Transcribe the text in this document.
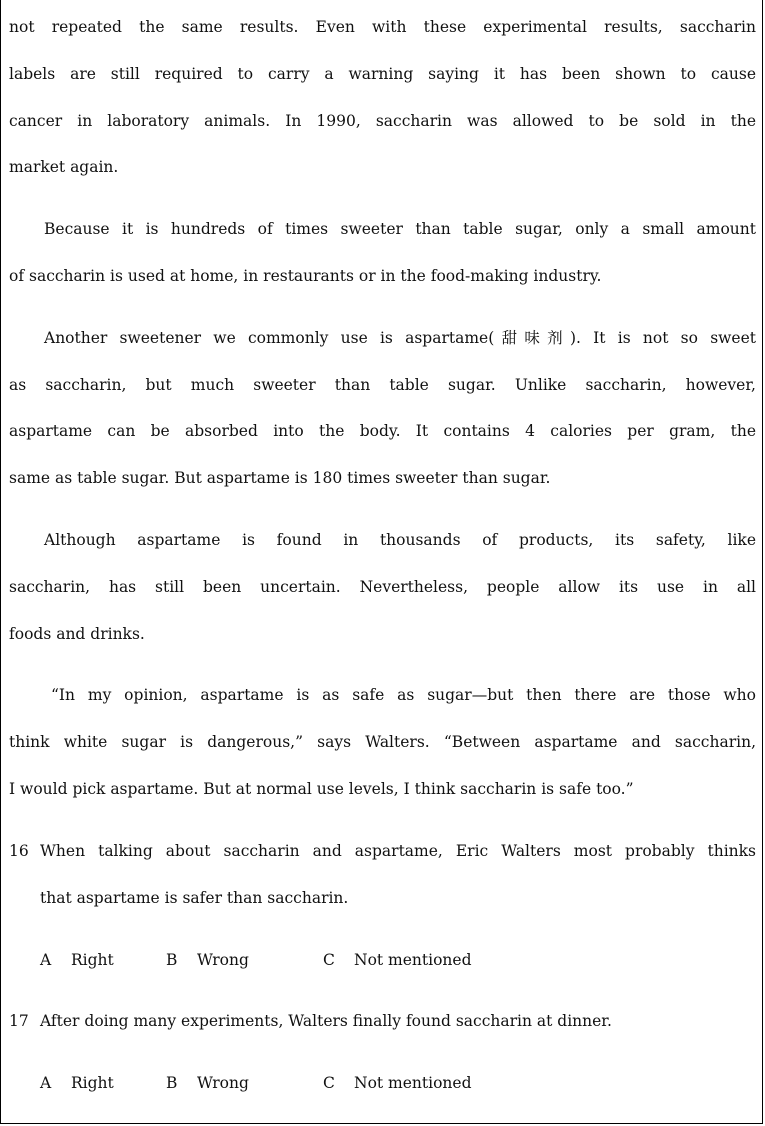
not repeated the same results. Even with these experimental results, saccharin
labels are still required to carry a warning saying it has been shown to cause
cancer in laboratory animals. In 1990, saccharin was allowed to be sold in the
market again.
Because it is hundreds of times sweeter than table sugar, only a small amount
of saccharin is used at home, in restaurants or in the food-making industry.
Another sweetener we commonly use is aspartame(甜味剂). It is not so sweet
as saccharin, but much sweeter than table sugar. Unlike saccharin, however,
aspartame can be absorbed into the body. It contains 4 calories per gram, the
same as table sugar. But aspartame is 180 times sweeter than sugar.
Although aspartame is found in thousands of products, its safety, like
saccharin, has still been uncertain. Nevertheless, people allow its use in all
foods and drinks.
“In my opinion, aspartame is as safe as sugar—but then there are those who
think white sugar is dangerous,” says Walters. “Between aspartame and saccharin,
I would pick aspartame. But at normal use levels, I think saccharin is safe too.”
16 When talking about saccharin and aspartame, Eric Walters most probably thinks
that aspartame is safer than saccharin.
A Right	B Wrong	C Not mentioned
17 After doing many experiments, Walters finally found saccharin at dinner.
A Right	B Wrong	C Not mentioned
